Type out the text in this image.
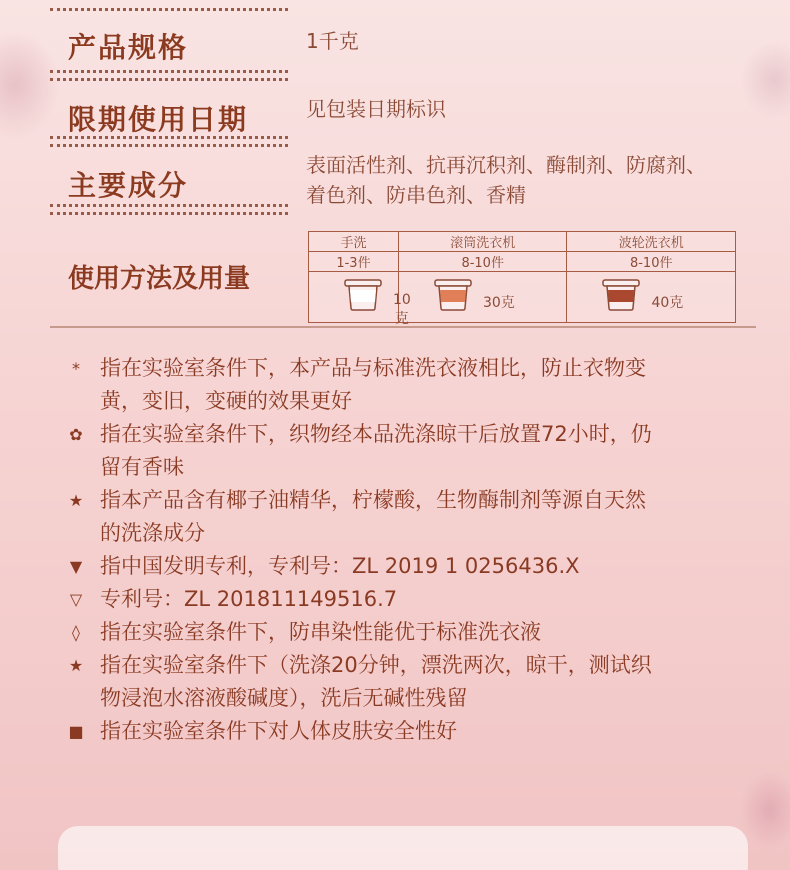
产品规格	1千克
限期使用日期	见包装日期标识
主要成分
表面活性剂、抗再沉积剂、酶制剂、防腐剂、
着色剂、防串色剂、香精
使用方法及用量
手洗	滚筒洗衣机	波轮洗衣机
1-3件	8-10件	8-10件

10克	30克	40克
* 指在实验室条件下，本产品与标准洗衣液相比，防止衣物变
黄，变旧，变硬的效果更好
✿ 指在实验室条件下，织物经本品洗涤晾干后放置72小时，仍
留有香味
★ 指本产品含有椰子油精华，柠檬酸，生物酶制剂等源自天然
的洗涤成分
▼ 指中国发明专利，专利号：ZL 2019 1 0256436.X
▽ 专利号：ZL 201811149516.7
◊ 指在实验室条件下，防串染性能优于标准洗衣液
★ 指在实验室条件下（洗涤20分钟，漂洗两次，晾干，测试织
物浸泡水溶液酸碱度），洗后无碱性残留
■ 指在实验室条件下对人体皮肤安全性好
